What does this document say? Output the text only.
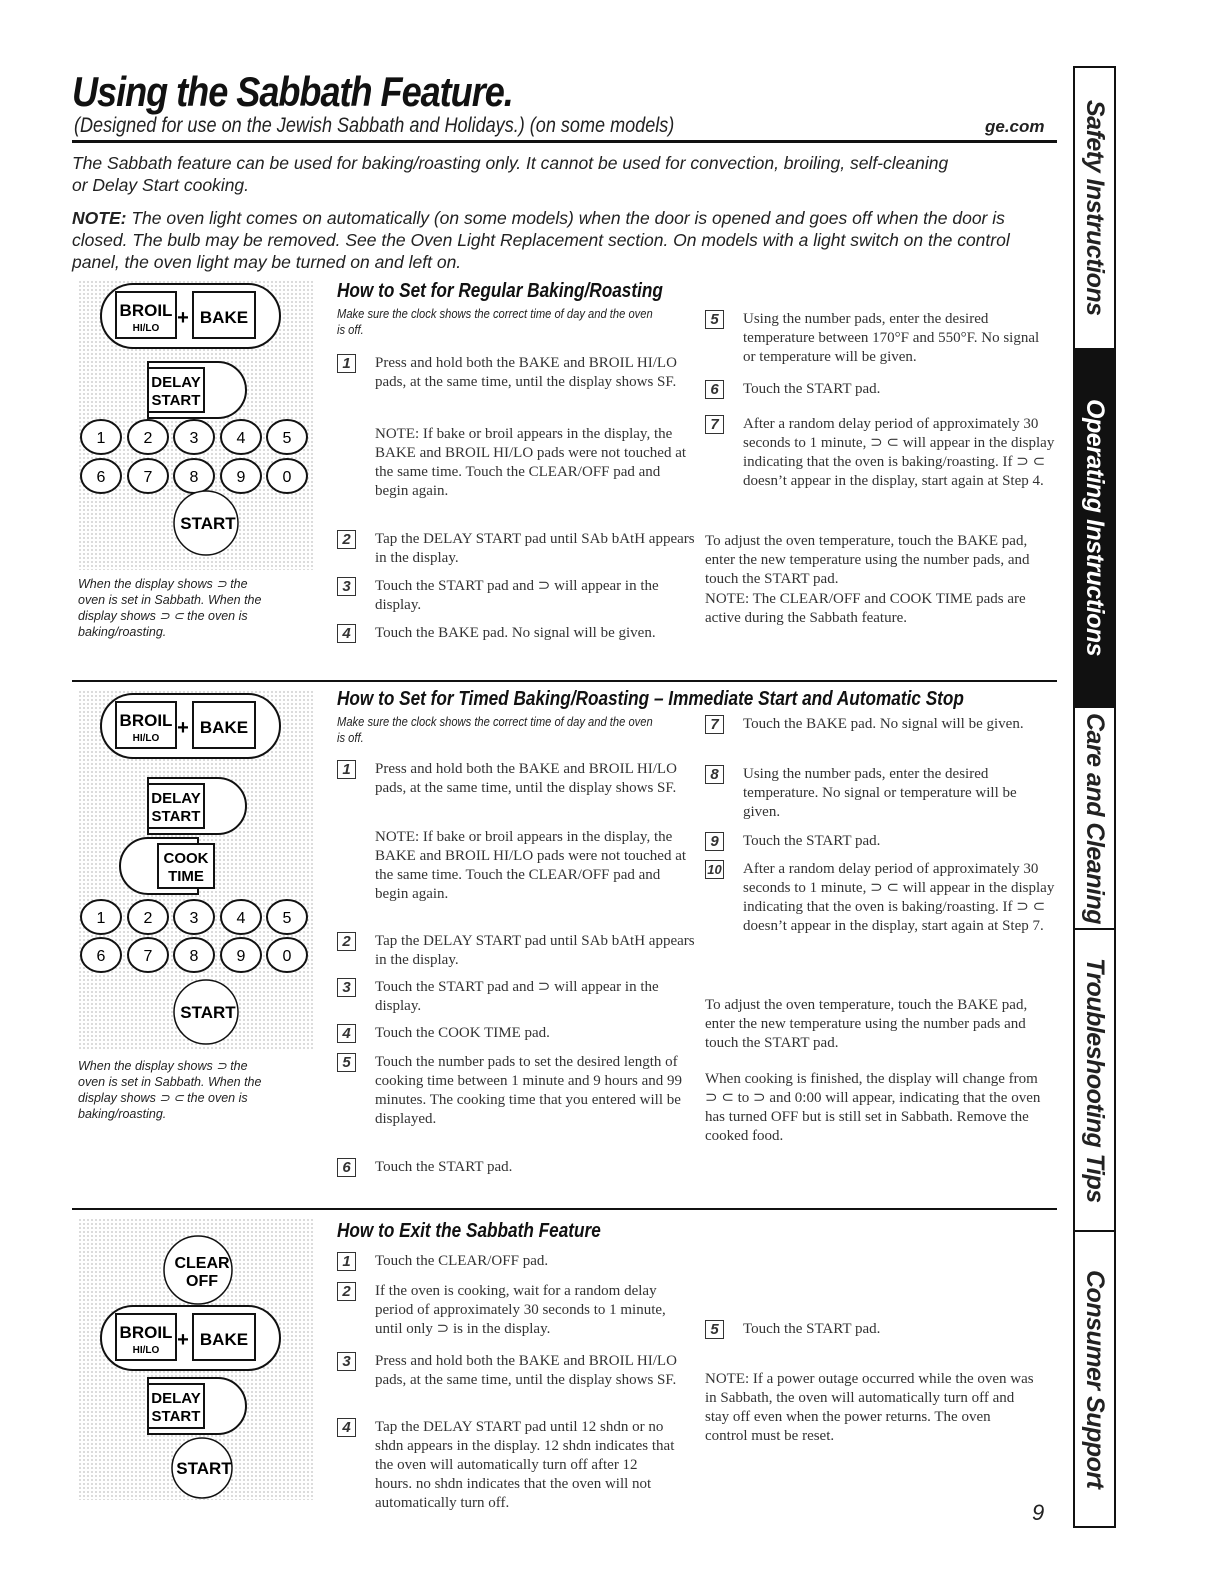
Using the Sabbath Feature.
(Designed for use on the Jewish Sabbath and Holidays.) (on some models)	ge.com
The Sabbath feature can be used for baking/roasting only. It cannot be used for convection, broiling, self-cleaning or Delay Start cooking.
NOTE: The oven light comes on automatically (on some models) when the door is opened and goes off when the door is closed. The bulb may be removed. See the Oven Light Replacement section. On models with a light switch on the control panel, the oven light may be turned on and left on.
BROIL
HI/LO + BAKE
DELAY
START
1 2 3 4 5
6 7 8 9 0
START
When the display shows ⊃ the
oven is set in Sabbath. When the
display shows ⊃ ⊂ the oven is
baking/roasting.
How to Set for Regular Baking/Roasting
Make sure the clock shows the correct time of day and the oven is off.
1	Press and hold both the BAKE and BROIL HI/LO pads, at the same time, until the display shows SF.
NOTE: If bake or broil appears in the display, the BAKE and BROIL HI/LO pads were not touched at the same time. Touch the CLEAR/OFF pad and begin again.
2	Tap the DELAY START pad until SAb bAtH appears in the display.
3	Touch the START pad and ⊃ will appear in the display.
4	Touch the BAKE pad. No signal will be given.
5	Using the number pads, enter the desired temperature between 170°F and 550°F. No signal or temperature will be given.
6	Touch the START pad.
7	After a random delay period of approximately 30 seconds to 1 minute, ⊃ ⊂ will appear in the display indicating that the oven is baking/roasting. If ⊃ ⊂ doesn’t appear in the display, start again at Step 4.
To adjust the oven temperature, touch the BAKE pad, enter the new temperature using the number pads, and touch the START pad.
NOTE: The CLEAR/OFF and COOK TIME pads are active during the Sabbath feature.
BROIL
HI/LO + BAKE
DELAY
START
COOK
TIME
1 2 3 4 5
6 7 8 9 0
START
When the display shows ⊃ the
oven is set in Sabbath. When the
display shows ⊃ ⊂ the oven is
baking/roasting.
How to Set for Timed Baking/Roasting – Immediate Start and Automatic Stop
Make sure the clock shows the correct time of day and the oven is off.
1	Press and hold both the BAKE and BROIL HI/LO pads, at the same time, until the display shows SF.
NOTE: If bake or broil appears in the display, the BAKE and BROIL HI/LO pads were not touched at the same time. Touch the CLEAR/OFF pad and begin again.
2	Tap the DELAY START pad until SAb bAtH appears in the display.
3	Touch the START pad and ⊃ will appear in the display.
4	Touch the COOK TIME pad.
5	Touch the number pads to set the desired length of cooking time between 1 minute and 9 hours and 99 minutes. The cooking time that you entered will be displayed.
6	Touch the START pad.
7	Touch the BAKE pad. No signal will be given.
8	Using the number pads, enter the desired temperature. No signal or temperature will be given.
9	Touch the START pad.
10 After a random delay period of approximately 30 seconds to 1 minute, ⊃ ⊂ will appear in the display indicating that the oven is baking/roasting. If ⊃ ⊂ doesn’t appear in the display, start again at Step 7.
To adjust the oven temperature, touch the BAKE pad, enter the new temperature using the number pads and touch the START pad.
When cooking is finished, the display will change from ⊃ ⊂ to ⊃ and 0:00 will appear, indicating that the oven has turned OFF but is still set in Sabbath. Remove the cooked food.
CLEAR
OFF
BROIL
HI/LO + BAKE
DELAY
START
START
How to Exit the Sabbath Feature
1	Touch the CLEAR/OFF pad.
2	If the oven is cooking, wait for a random delay period of approximately 30 seconds to 1 minute, until only ⊃ is in the display.
3	Press and hold both the BAKE and BROIL HI/LO pads, at the same time, until the display shows SF.
4	Tap the DELAY START pad until 12 shdn or no shdn appears in the display. 12 shdn indicates that the oven will automatically turn off after 12 hours. no shdn indicates that the oven will not automatically turn off.
5	Touch the START pad.
NOTE: If a power outage occurred while the oven was in Sabbath, the oven will automatically turn off and stay off even when the power returns. The oven control must be reset.
Safety Instructions
Operating Instructions
Care and Cleaning
Troubleshooting Tips
Consumer Support
9
